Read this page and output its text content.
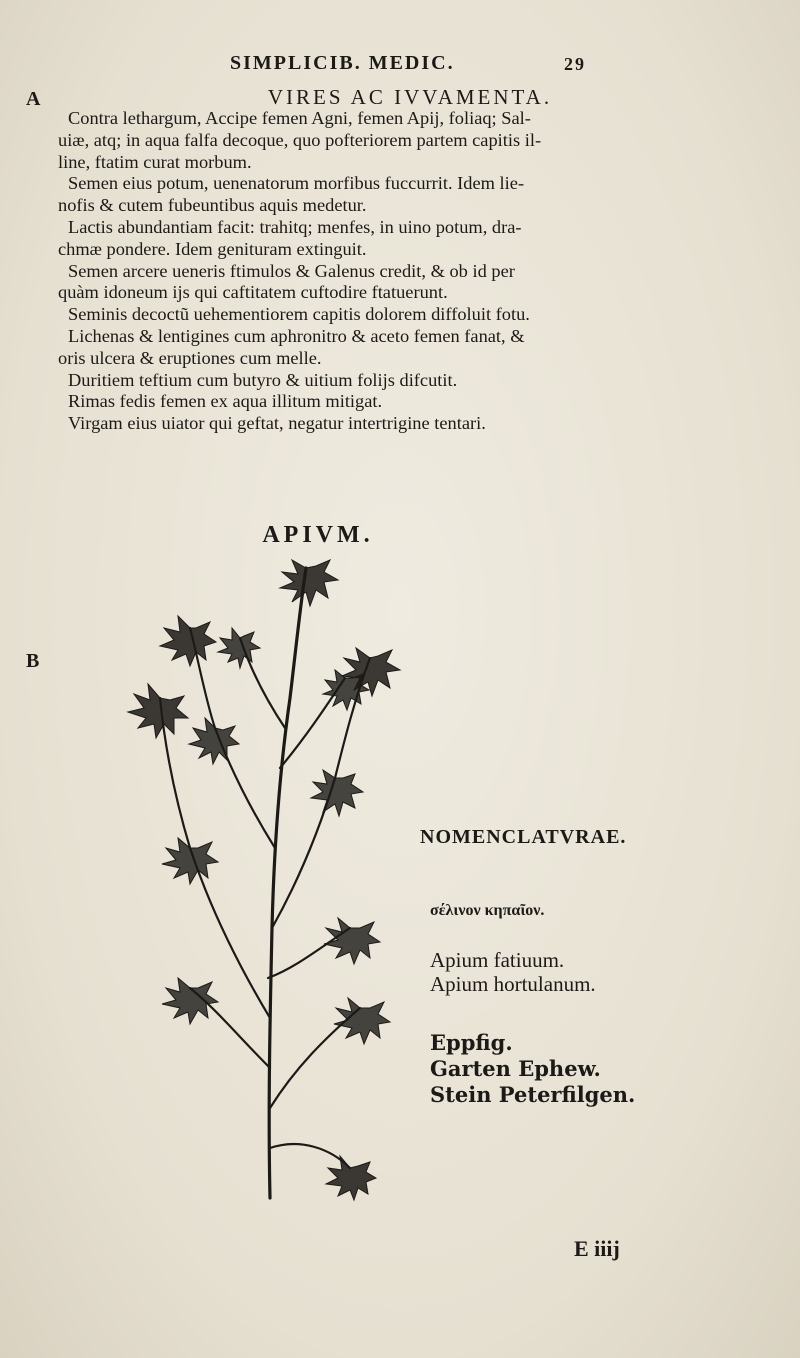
A
B
SIMPLICIB. MEDIC.	29
VIRES AC IVVAMENTA.
Contra lethargum, Accipe femen Agni, femen Apij, foliaq; Sal-
uiæ, atq; in aqua falfa decoque, quo pofteriorem partem capitis il-
line, ftatim curat morbum.
Semen eius potum, uenenatorum morfibus fuccurrit. Idem lie-
nofis & cutem fubeuntibus aquis medetur.
Lactis abundantiam facit: trahitq; menfes, in uino potum, dra-
chmæ pondere. Idem genituram extinguit.
Semen arcere ueneris ftimulos & Galenus credit, & ob id per
quàm idoneum ijs qui caftitatem cuftodire ftatuerunt.
Seminis decoctũ uehementiorem capitis dolorem diffoluit fotu.
Lichenas & lentigines cum aphronitro & aceto femen fanat, &
oris ulcera & eruptiones cum melle.
Duritiem teftium cum butyro & uitium folijs difcutit.
Rimas fedis femen ex aqua illitum mitigat.
Virgam eius uiator qui geftat, negatur intertrigine tentari.
APIVM.
NOMENCLATVRAE.
σέλινον κηπαῖον.
Apium fatiuum.
Apium hortulanum.
Eppfig.
Garten Ephew.
Stein Peterfilgen.
E iiij
